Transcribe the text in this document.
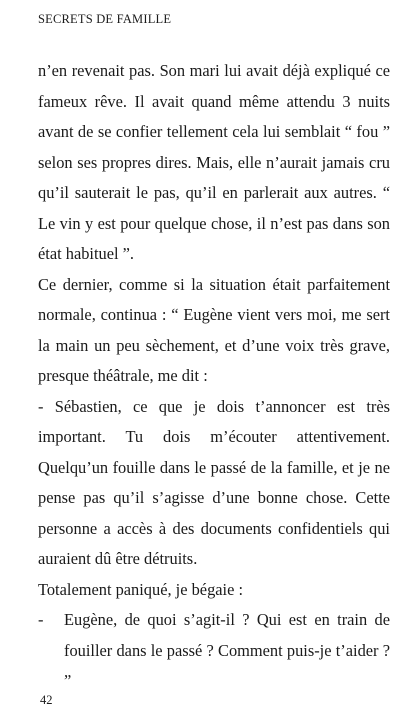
SECRETS DE FAMILLE

n’en revenait pas. Son mari lui avait déjà expliqué ce fameux rêve. Il avait quand même attendu 3 nuits avant de se confier tellement cela lui semblait “ fou ” selon ses propres dires. Mais, elle n’aurait jamais cru qu’il sauterait le pas, qu’il en parlerait aux autres. “ Le vin y est pour quelque chose, il n’est pas dans son état habituel ”.

Ce dernier, comme si la situation était parfaitement normale, continua : “ Eugène vient vers moi, me sert la main un peu sèchement, et d’une voix très grave, presque théâtrale, me dit :

- Sébastien, ce que je dois t’annoncer est très important. Tu dois m’écouter attentivement. Quelqu’un fouille dans le passé de la famille, et je ne pense pas qu’il s’agisse d’une bonne chose. Cette personne a accès à des documents confidentiels qui auraient dû être détruits.

Totalement paniqué, je bégaie :

-	Eugène, de quoi s’agit-il ? Qui est en train de fouiller dans le passé ? Comment puis-je t’aider ? ”
42
